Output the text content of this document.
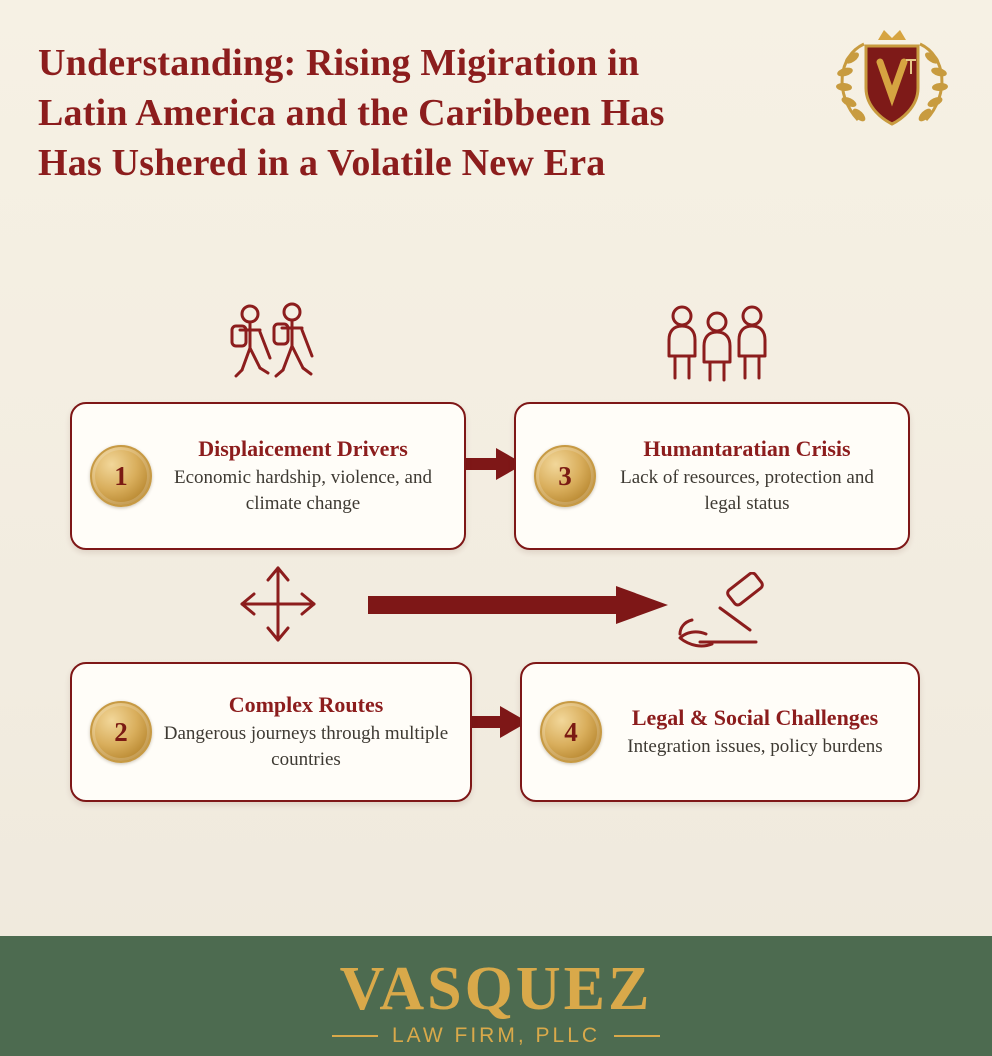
Understanding: Rising Migiration in
Latin America and the Caribbeen Has
Has Ushered in a Volatile New Era
1
Displaicement Drivers
Economic hardship, violence, and climate change
3
Humantaratian Crisis
Lack of resources, protection and legal status
2
Complex Routes
Dangerous journeys through multiple countries
4	Legal & Social Challenges
Integration issues, policy burdens
VASQUEZ
LAW FIRM, PLLC
